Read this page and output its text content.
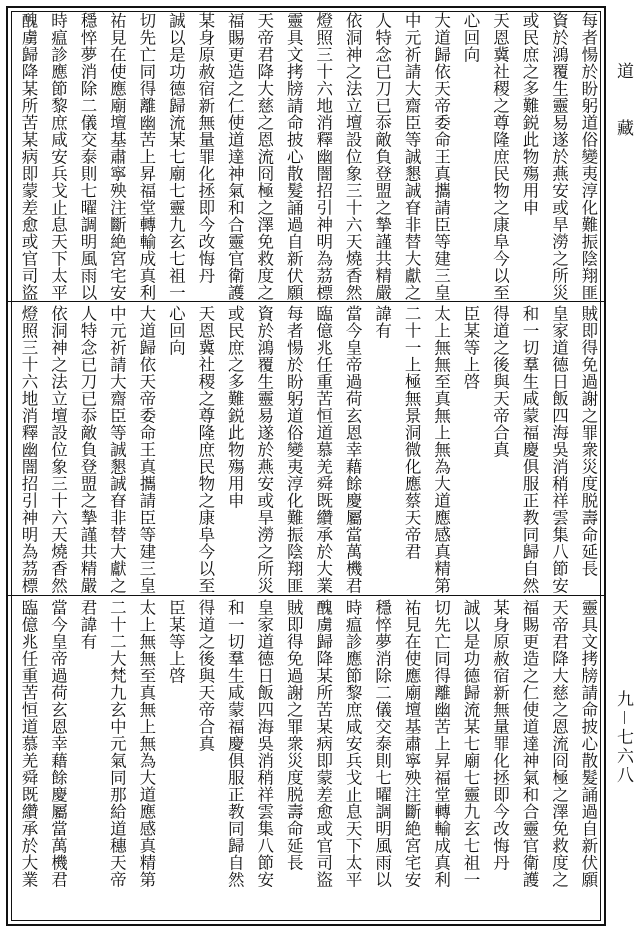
每者愓於盼躬道俗變夷淳化難振陰翔匪
資於鴻覆生靈易遂於燕安或旱澇之所災
或民庶之多難鋭此物殤用申
天恩冀社稷之尊隆庶民物之康阜今以至
心回向
大道歸依天帝委命王真攜請臣等建三皇
中元祈請大齋臣等誠懇誠眘非替大獻之
人特念已刀已忝敵負登盟之摯謹共精嚴
依洞神之法立壇設位象三十六天燒香然
燈照三十六地消釋幽闇招引神明為茘標
靈具文拷牓請命披心散髮誦過自新伏願
天帝君降大慈之恩流冏極之澤免救度之
福賜更造之仁使道達神氣和合靈官衛護
某身原赦宿新無量罪化拯即今改悔丹
誠以是功德歸流某七廟七靈九玄七祖一
切先亡同得離幽苦上昇福堂轉輸成真利
祐見在使應廟壇基肅寧殃注斷絶宮宅安
穩悴夢消除二儀交泰則七曜調明風雨以
時瘟診應節黎庶咸安兵戈止息天下太平
醜虜歸降某所苦某病即蒙差愈或官司盜
賊即得免過謝之罪衆災度脱壽命延長
皇家道德日飯四海吳消稍祥雲集八節安
和一切羣生咸蒙福慶俱服正教同歸自然
得道之後與天帝合真
臣某等上啓
太上無無至真無上無為大道應感真精第
二十一上極無景洞微化應蔡天帝君
諱有
當今皇帝過荷玄恩幸藉餘慶屬當萬機君
臨億兆任重苦恒道慕羌舜既纘承於大業
每者愓於盼躬道俗變夷淳化難振陰翔匪
資於鴻覆生靈易遂於燕安或旱澇之所災
或民庶之多難鋭此物殤用申
天恩冀社稷之尊隆庶民物之康阜今以至
心回向
大道歸依天帝委命王真攜請臣等建三皇
中元祈請大齋臣等誠懇誠眘非替大獻之
人特念已刀已忝敵負登盟之摯謹共精嚴
依洞神之法立壇設位象三十六天燒香然
燈照三十六地消釋幽闇招引神明為茘標
靈具文拷牓請命披心散髮誦過自新伏願
天帝君降大慈之恩流冏極之澤免救度之
福賜更造之仁使道達神氣和合靈官衛護
某身原赦宿新無量罪化拯即今改悔丹
誠以是功德歸流某七廟七靈九玄七祖一
切先亡同得離幽苦上昇福堂轉輸成真利
祐見在使應廟壇基肅寧殃注斷絶宮宅安
穩悴夢消除二儀交泰則七曜調明風雨以
時瘟診應節黎庶咸安兵戈止息天下太平
醜虜歸降某所苦某病即蒙差愈或官司盜
賊即得免過謝之罪衆災度脱壽命延長
皇家道德日飯四海吳消稍祥雲集八節安
和一切羣生咸蒙福慶俱服正教同歸自然
得道之後與天帝合真
臣某等上啓
太上無無至真無上無為大道應感真精第
二十二大梵九玄中元氣同那給道穗天帝
君諱有
當今皇帝過荷玄恩幸藉餘慶屬當萬機君
臨億兆任重苦恒道慕羌舜既纘承於大業
道藏
九－七六八
